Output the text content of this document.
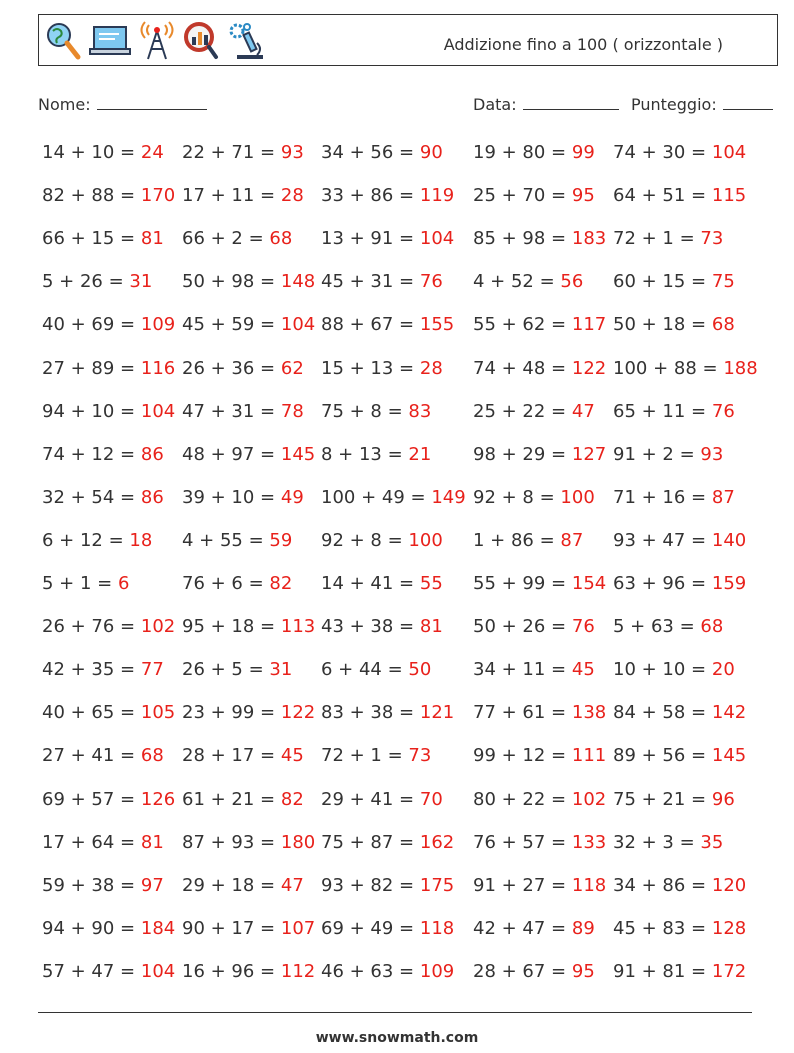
Addizione fino a 100 ( orizzontale )
Nome:	Data:	Punteggio:
14 + 10 = 24 22 + 71 = 93 34 + 56 = 90 19 + 80 = 99 74 + 30 = 104
82 + 88 = 170 17 + 11 = 28 33 + 86 = 119 25 + 70 = 95 64 + 51 = 115
66 + 15 = 81 66 + 2 = 68 13 + 91 = 104 85 + 98 = 183 72 + 1 = 73
5 + 26 = 31 50 + 98 = 148 45 + 31 = 76 4 + 52 = 56 60 + 15 = 75
40 + 69 = 109 45 + 59 = 104 88 + 67 = 155 55 + 62 = 117 50 + 18 = 68
27 + 89 = 116 26 + 36 = 62 15 + 13 = 28 74 + 48 = 122 100 + 88 = 188
94 + 10 = 104 47 + 31 = 78 75 + 8 = 83 25 + 22 = 47 65 + 11 = 76
74 + 12 = 86 48 + 97 = 145 8 + 13 = 21 98 + 29 = 127 91 + 2 = 93
32 + 54 = 86 39 + 10 = 49 100 + 49 = 149 92 + 8 = 100 71 + 16 = 87
6 + 12 = 18 4 + 55 = 59 92 + 8 = 100 1 + 86 = 87 93 + 47 = 140
5 + 1 = 6	76 + 6 = 82 14 + 41 = 55 55 + 99 = 154 63 + 96 = 159
26 + 76 = 102 95 + 18 = 113 43 + 38 = 81 50 + 26 = 76 5 + 63 = 68
42 + 35 = 77 26 + 5 = 31 6 + 44 = 50 34 + 11 = 45 10 + 10 = 20
40 + 65 = 105 23 + 99 = 122 83 + 38 = 121 77 + 61 = 138 84 + 58 = 142
27 + 41 = 68 28 + 17 = 45 72 + 1 = 73 99 + 12 = 111 89 + 56 = 145
69 + 57 = 126 61 + 21 = 82 29 + 41 = 70 80 + 22 = 102 75 + 21 = 96
17 + 64 = 81 87 + 93 = 180 75 + 87 = 162 76 + 57 = 133 32 + 3 = 35
59 + 38 = 97 29 + 18 = 47 93 + 82 = 175 91 + 27 = 118 34 + 86 = 120
94 + 90 = 184 90 + 17 = 107 69 + 49 = 118 42 + 47 = 89 45 + 83 = 128
57 + 47 = 104 16 + 96 = 112 46 + 63 = 109 28 + 67 = 95 91 + 81 = 172
www.snowmath.com
